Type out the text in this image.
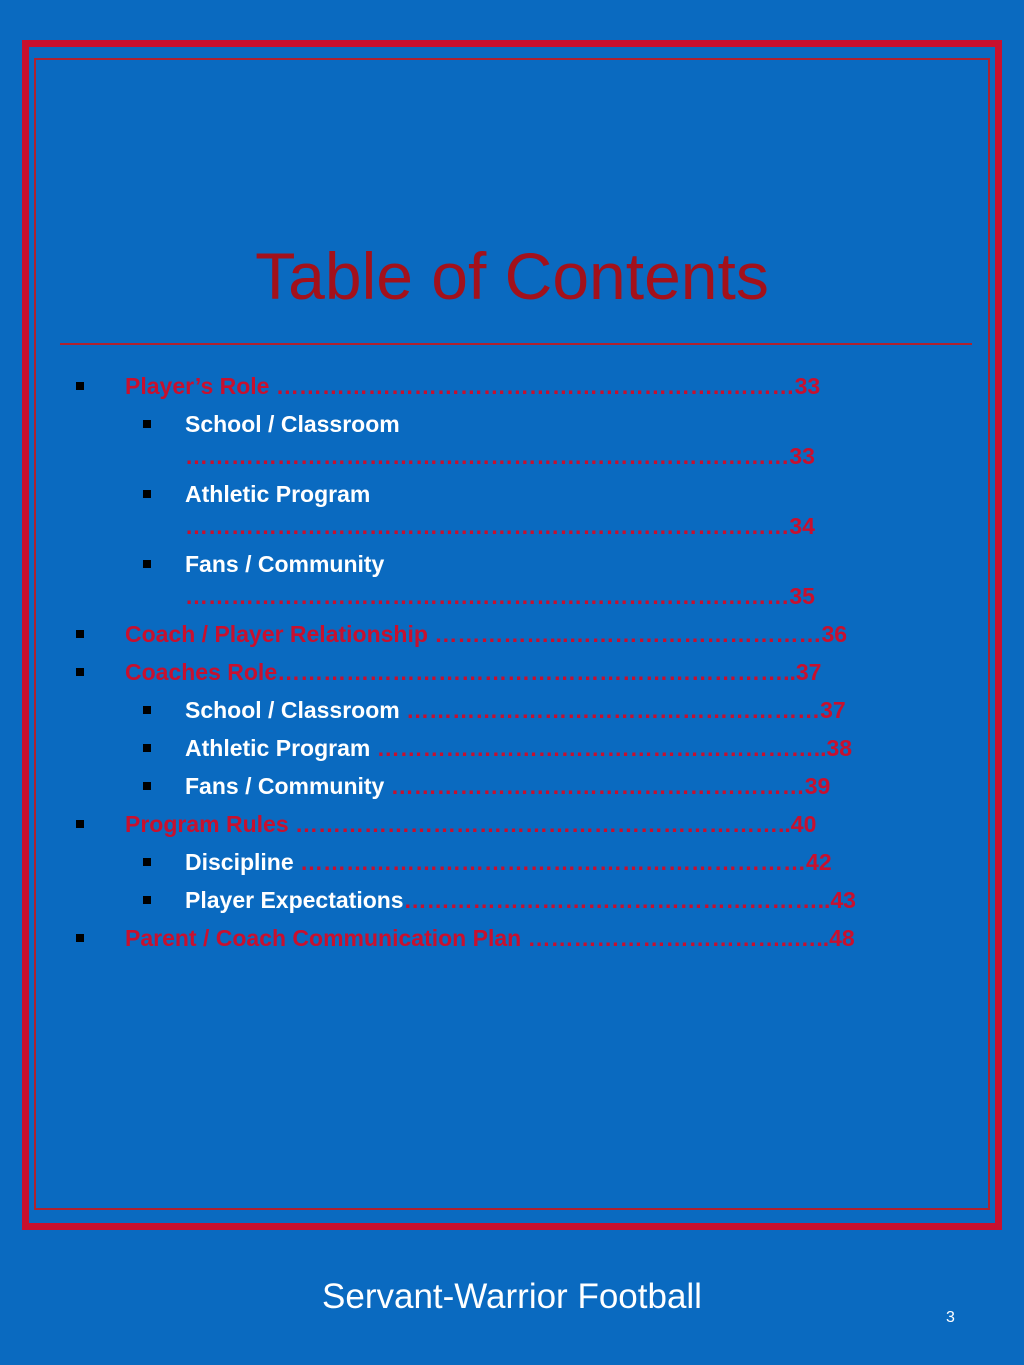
Table of Contents
Player’s Role …………………………………………………..………33
School / Classroom
……………………………….……………………………………33
Athletic Program
……………………………….……………………………………34
Fans / Community
……………………………….……………………………………35
Coach / Player Relationship ……………...……………………………36
Coaches Role…………………………………………………………..37
School / Classroom ………………………………………………37
Athletic Program …………………………………………………..38
Fans / Community ………………………………………………39
Program Rules ………………………………………………………..40
Discipline …………………………………………………………42
Player Expectations………………………………………………..43
Parent / Coach Communication Plan ……………………………..…..48
Servant-Warrior Football
3
